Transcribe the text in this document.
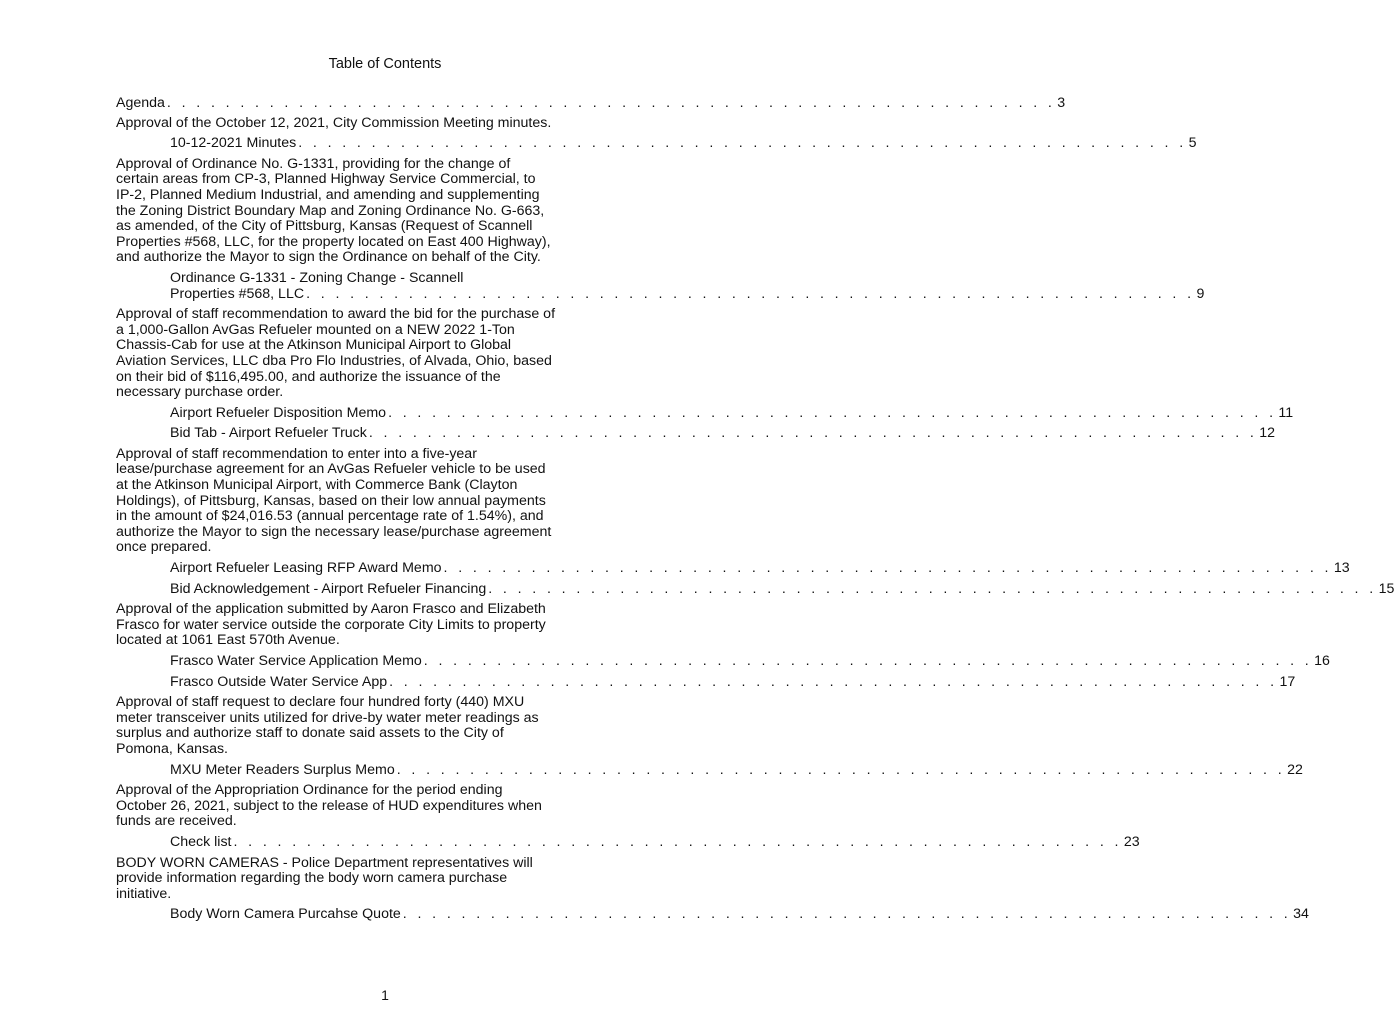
Table of Contents
Agenda . . . . . . . . . . . . . . . . . . . . . . . . . . . . . . . . . . . . . . . . . . . . . . . . . . . . . . . . . . . . . 3
Approval of the October 12, 2021, City Commission Meeting minutes.
10-12-2021 Minutes . . . . . . . . . . . . . . . . . . . . . . . . . . . . . . . . . . . . . . . . . . . . . . . . . . . . . . . . . . . . . 5
Approval of Ordinance No. G-1331, providing for the change of certain areas from CP-3, Planned Highway Service Commercial, to IP-2, Planned Medium Industrial, and amending and supplementing the Zoning District Boundary Map and Zoning Ordinance No. G-663, as amended, of the City of Pittsburg, Kansas (Request of Scannell Properties #568, LLC, for the property located on East 400 Highway), and authorize the Mayor to sign the Ordinance on behalf of the City.
Ordinance G-1331 - Zoning Change - Scannell
Properties #568, LLC . . . . . . . . . . . . . . . . . . . . . . . . . . . . . . . . . . . . . . . . . . . . . . . . . . . . . . . . . . . . . 9
Approval of staff recommendation to award the bid for the purchase of a 1,000-Gallon AvGas Refueler mounted on a NEW 2022 1-Ton Chassis-Cab for use at the Atkinson Municipal Airport to Global Aviation Services, LLC dba Pro Flo Industries, of Alvada, Ohio, based on their bid of $116,495.00, and authorize the issuance of the necessary purchase order.
Airport Refueler Disposition Memo . . . . . . . . . . . . . . . . . . . . . . . . . . . . . . . . . . . . . . . . . . . . . . . . . . . . . . . . . . . . . 11
Bid Tab - Airport Refueler Truck . . . . . . . . . . . . . . . . . . . . . . . . . . . . . . . . . . . . . . . . . . . . . . . . . . . . . . . . . . . . . 12
Approval of staff recommendation to enter into a five-year lease/purchase agreement for an AvGas Refueler vehicle to be used at the Atkinson Municipal Airport, with Commerce Bank (Clayton Holdings), of Pittsburg, Kansas, based on their low annual payments in the amount of $24,016.53 (annual percentage rate of 1.54%), and authorize the Mayor to sign the necessary lease/purchase agreement once prepared.
Airport Refueler Leasing RFP Award Memo . . . . . . . . . . . . . . . . . . . . . . . . . . . . . . . . . . . . . . . . . . . . . . . . . . . . . . . . . . . . . 13
Bid Acknowledgement - Airport Refueler Financing . . . . . . . . . . . . . . . . . . . . . . . . . . . . . . . . . . . . . . . . . . . . . . . . . . . . . . . . . . . . . 15
Approval of the application submitted by Aaron Frasco and Elizabeth Frasco for water service outside the corporate City Limits to property located at 1061 East 570th Avenue.
Frasco Water Service Application Memo . . . . . . . . . . . . . . . . . . . . . . . . . . . . . . . . . . . . . . . . . . . . . . . . . . . . . . . . . . . . . 16
Frasco Outside Water Service App . . . . . . . . . . . . . . . . . . . . . . . . . . . . . . . . . . . . . . . . . . . . . . . . . . . . . . . . . . . . . 17
Approval of staff request to declare four hundred forty (440) MXU meter transceiver units utilized for drive-by water meter readings as surplus and authorize staff to donate said assets to the City of Pomona, Kansas.
MXU Meter Readers Surplus Memo . . . . . . . . . . . . . . . . . . . . . . . . . . . . . . . . . . . . . . . . . . . . . . . . . . . . . . . . . . . . . 22
Approval of the Appropriation Ordinance for the period ending October 26, 2021, subject to the release of HUD expenditures when funds are received.
Check list . . . . . . . . . . . . . . . . . . . . . . . . . . . . . . . . . . . . . . . . . . . . . . . . . . . . . . . . . . . . . 23
BODY WORN CAMERAS - Police Department representatives will provide information regarding the body worn camera purchase initiative.
Body Worn Camera Purcahse Quote . . . . . . . . . . . . . . . . . . . . . . . . . . . . . . . . . . . . . . . . . . . . . . . . . . . . . . . . . . . . . 34
1
